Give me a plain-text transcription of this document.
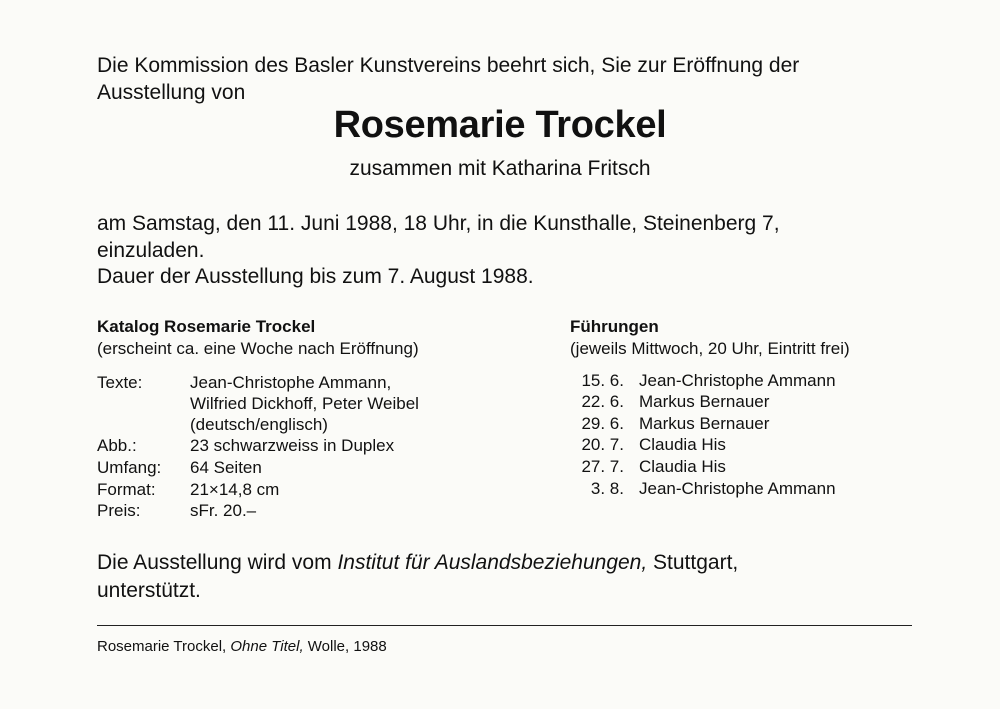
Die Kommission des Basler Kunstvereins beehrt sich, Sie zur Eröffnung der
Ausstellung von
Rosemarie Trockel
zusammen mit Katharina Fritsch
am Samstag, den 11. Juni 1988, 18 Uhr, in die Kunsthalle, Steinenberg 7,
einzuladen.
Dauer der Ausstellung bis zum 7. August 1988.
Katalog Rosemarie Trockel
(erscheint ca. eine Woche nach Eröffnung)
Texte:	Jean-Christophe Ammann,
Wilfried Dickhoff, Peter Weibel
(deutsch/englisch)
Abb.:	23 schwarzweiss in Duplex
Umfang: 64 Seiten
Format: 21×14,8 cm
Preis:	sFr. 20.–
Führungen
(jeweils Mittwoch, 20 Uhr, Eintritt frei)
15. 6. Jean-Christophe Ammann
22. 6. Markus Bernauer
29. 6. Markus Bernauer
20. 7. Claudia His
27. 7. Claudia His
3. 8. Jean-Christophe Ammann
Die Ausstellung wird vom Institut für Auslandsbeziehungen, Stuttgart,
unterstützt.
Rosemarie Trockel, Ohne Titel, Wolle, 1988
